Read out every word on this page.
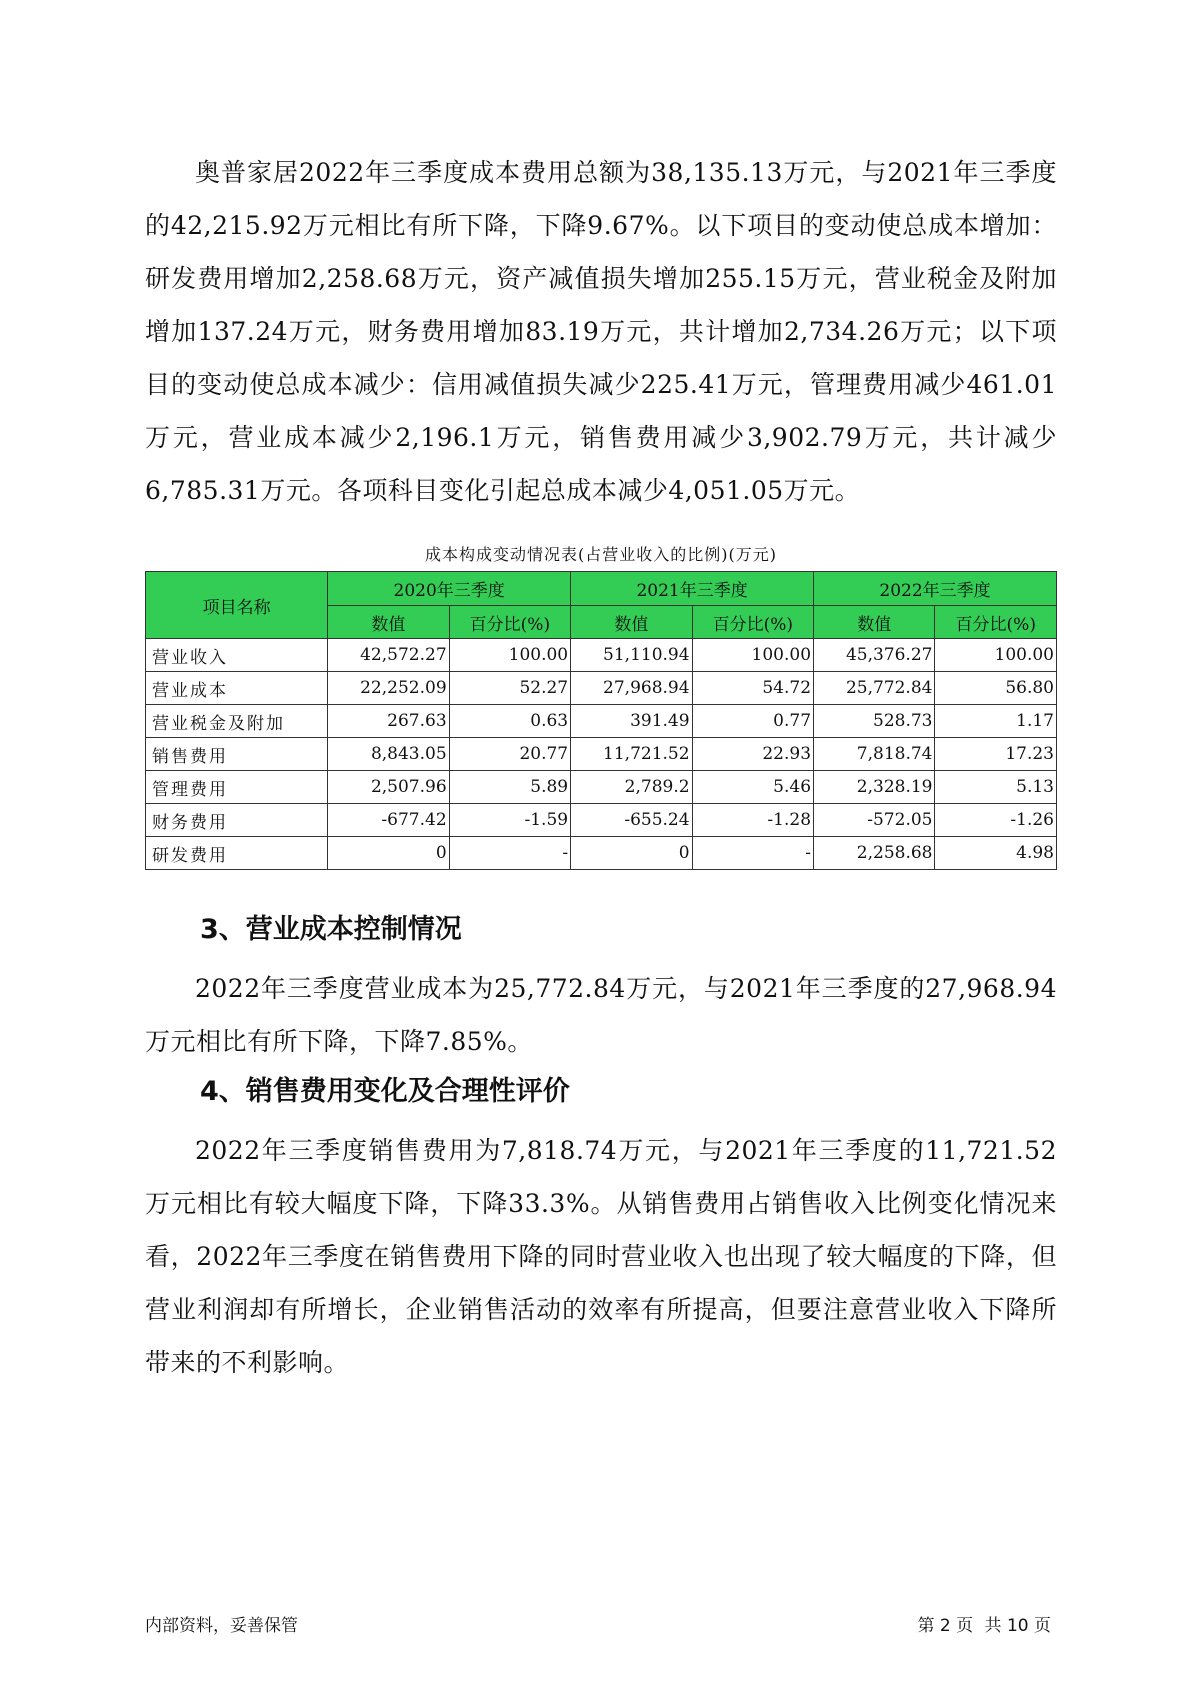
奥普家居2022年三季度成本费用总额为38,135.13万元，与2021年三季度的42,215.92万元相比有所下降，下降9.67%。以下项目的变动使总成本增加：研发费用增加2,258.68万元，资产减值损失增加255.15万元，营业税金及附加增加137.24万元，财务费用增加83.19万元，共计增加2,734.26万元；以下项目的变动使总成本减少：信用减值损失减少225.41万元，管理费用减少461.01万元，营业成本减少2,196.1万元，销售费用减少3,902.79万元，共计减少6,785.31万元。各项科目变化引起总成本减少4,051.05万元。

成本构成变动情况表(占营业收入的比例)(万元)

项目名称	2020年三季度		2021年三季度		2022年三季度	
	数值	百分比(%)	数值	百分比(%)	数值	百分比(%)
营业收入	42,572.27	100.00	51,110.94	100.00	45,376.27	100.00
营业成本	22,252.09	52.27	27,968.94	54.72	25,772.84	56.80
营业税金及附加	267.63	0.63	391.49	0.77	528.73	1.17
销售费用	8,843.05	20.77	11,721.52	22.93	7,818.74	17.23
管理费用	2,507.96	5.89	2,789.2	5.46	2,328.19	5.13
财务费用	-677.42	-1.59	-655.24	-1.28	-572.05	-1.26
研发费用	0	-	0	-	2,258.68	4.98
3、营业成本控制情况

2022年三季度营业成本为25,772.84万元，与2021年三季度的27,968.94万元相比有所下降，下降7.85%。

4、销售费用变化及合理性评价

2022年三季度销售费用为7,818.74万元，与2021年三季度的11,721.52万元相比有较大幅度下降，下降33.3%。从销售费用占销售收入比例变化情况来看，2022年三季度在销售费用下降的同时营业收入也出现了较大幅度的下降，但营业利润却有所增长，企业销售活动的效率有所提高，但要注意营业收入下降所带来的不利影响。

内部资料，妥善保管	第 2 页 共 10 页
